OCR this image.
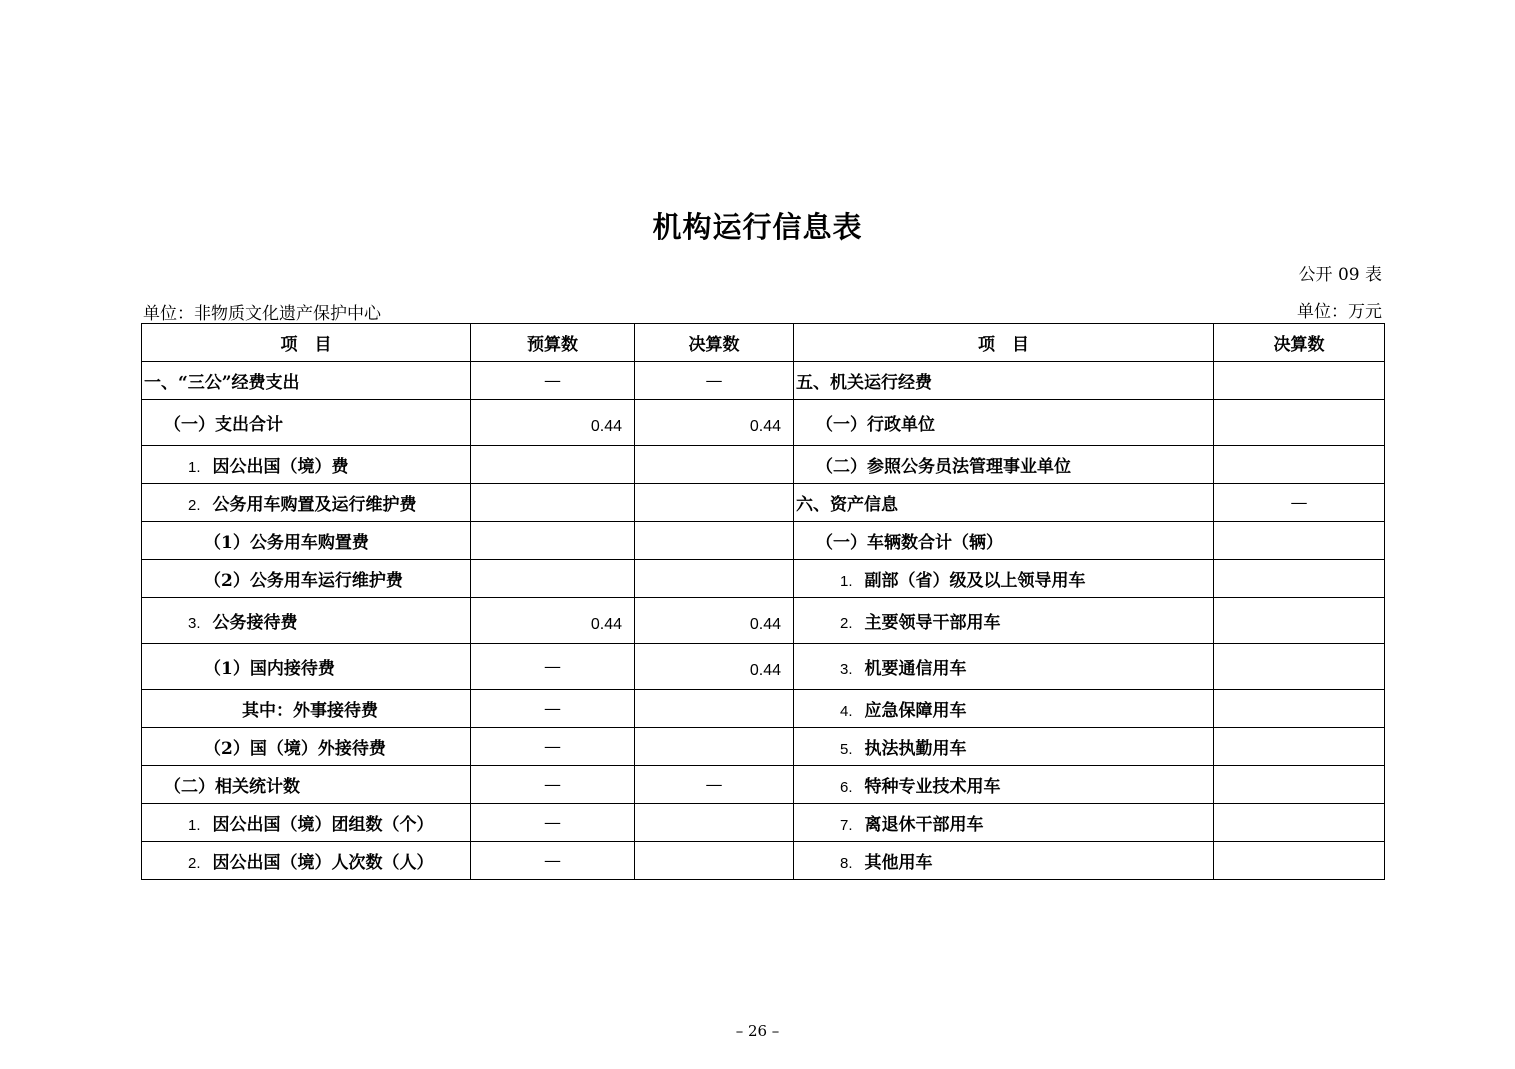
机构运行信息表
公开 09 表
单位：非物质文化遗产保护中心	单位：万元
项　目	预算数	决算数	项　目	决算数
一、“三公”经费支出	—	—	五、机关运行经费	
（一）支出合计	0.44	0.44	（一）行政单位	
1. 因公出国（境）费			（二）参照公务员法管理事业单位	
2. 公务用车购置及运行维护费			六、资产信息	—
（1）公务用车购置费			（一）车辆数合计（辆）	
（2）公务用车运行维护费			1. 副部（省）级及以上领导用车	
3. 公务接待费	0.44	0.44	2. 主要领导干部用车	
（1）国内接待费	—	0.44	3. 机要通信用车	
其中：外事接待费	—		4. 应急保障用车	
（2）国（境）外接待费	—		5. 执法执勤用车	
（二）相关统计数	—	—	6. 特种专业技术用车	
1. 因公出国（境）团组数（个）	—		7. 离退休干部用车	
2. 因公出国（境）人次数（人）	—		8. 其他用车	
– 26 –
